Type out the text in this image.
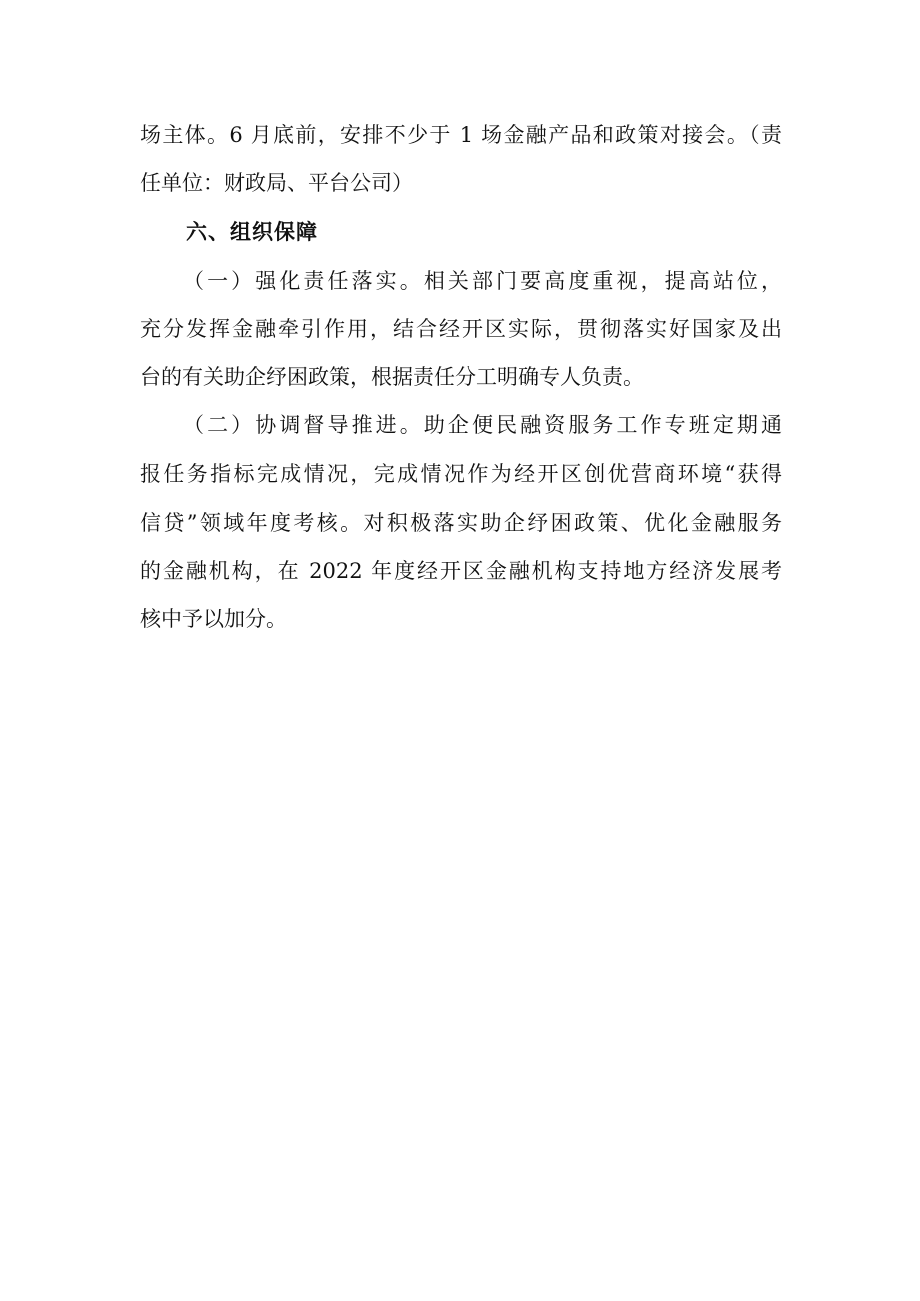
场主体。6 月底前，安排不少于 1 场金融产品和政策对接会。（责
任单位：财政局、平台公司）
六、组织保障
（一）强化责任落实。相关部门要高度重视，提高站位，
充分发挥金融牵引作用，结合经开区实际，贯彻落实好国家及出
台的有关助企纾困政策，根据责任分工明确专人负责。
（二）协调督导推进。助企便民融资服务工作专班定期通
报任务指标完成情况，完成情况作为经开区创优营商环境“获得
信贷”领域年度考核。对积极落实助企纾困政策、优化金融服务
的金融机构，在 2022 年度经开区金融机构支持地方经济发展考
核中予以加分。
